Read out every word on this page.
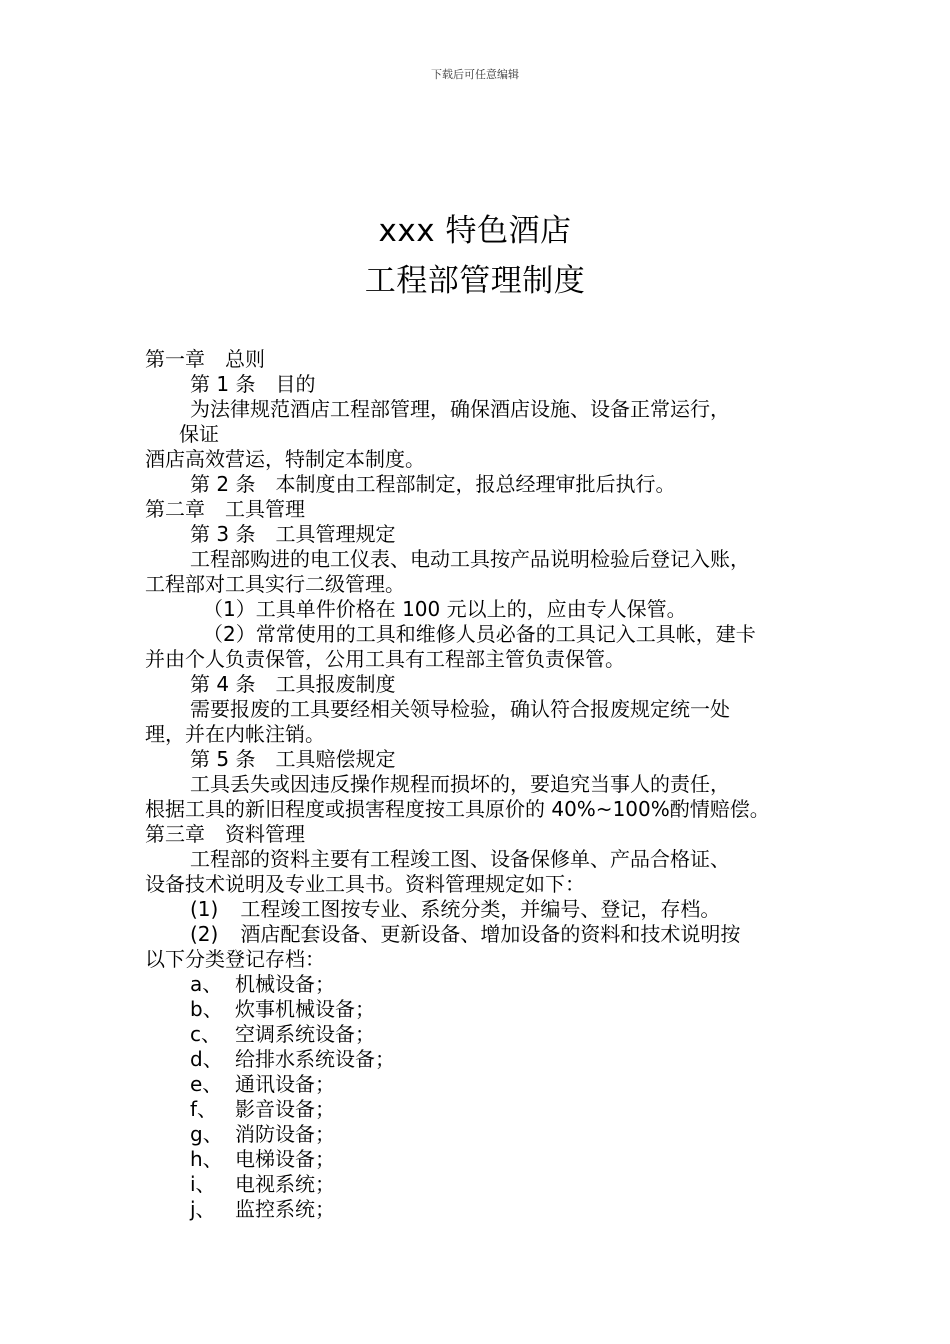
下载后可任意编辑
xxx 特色酒店
工程部管理制度
第一章　总则
第 1 条　目的
为法律规范酒店工程部管理，确保酒店设施、设备正常运行，
保证
酒店高效营运，特制定本制度。
第 2 条　本制度由工程部制定，报总经理审批后执行。
第二章　工具管理
第 3 条　工具管理规定
工程部购进的电工仪表、电动工具按产品说明检验后登记入账，
工程部对工具实行二级管理。
（1）工具单件价格在 100 元以上的，应由专人保管。
（2）常常使用的工具和维修人员必备的工具记入工具帐，建卡
并由个人负责保管，公用工具有工程部主管负责保管。
第 4 条　工具报废制度
需要报废的工具要经相关领导检验，确认符合报废规定统一处
理，并在内帐注销。
第 5 条　工具赔偿规定
工具丢失或因违反操作规程而损坏的，要追究当事人的责任，
根据工具的新旧程度或损害程度按工具原价的 40%~100%酌情赔偿。
第三章　资料管理
工程部的资料主要有工程竣工图、设备保修单、产品合格证、
设备技术说明及专业工具书。资料管理规定如下：
(1) 工程竣工图按专业、系统分类，并编号、登记，存档。
(2) 酒店配套设备、更新设备、增加设备的资料和技术说明按
以下分类登记存档：
a、 机械设备；
b、 炊事机械设备；
c、 空调系统设备；
d、 给排水系统设备；
e、 通讯设备；
f、 影音设备；
g、 消防设备；
h、 电梯设备；
i、 电视系统；
j、 监控系统；
